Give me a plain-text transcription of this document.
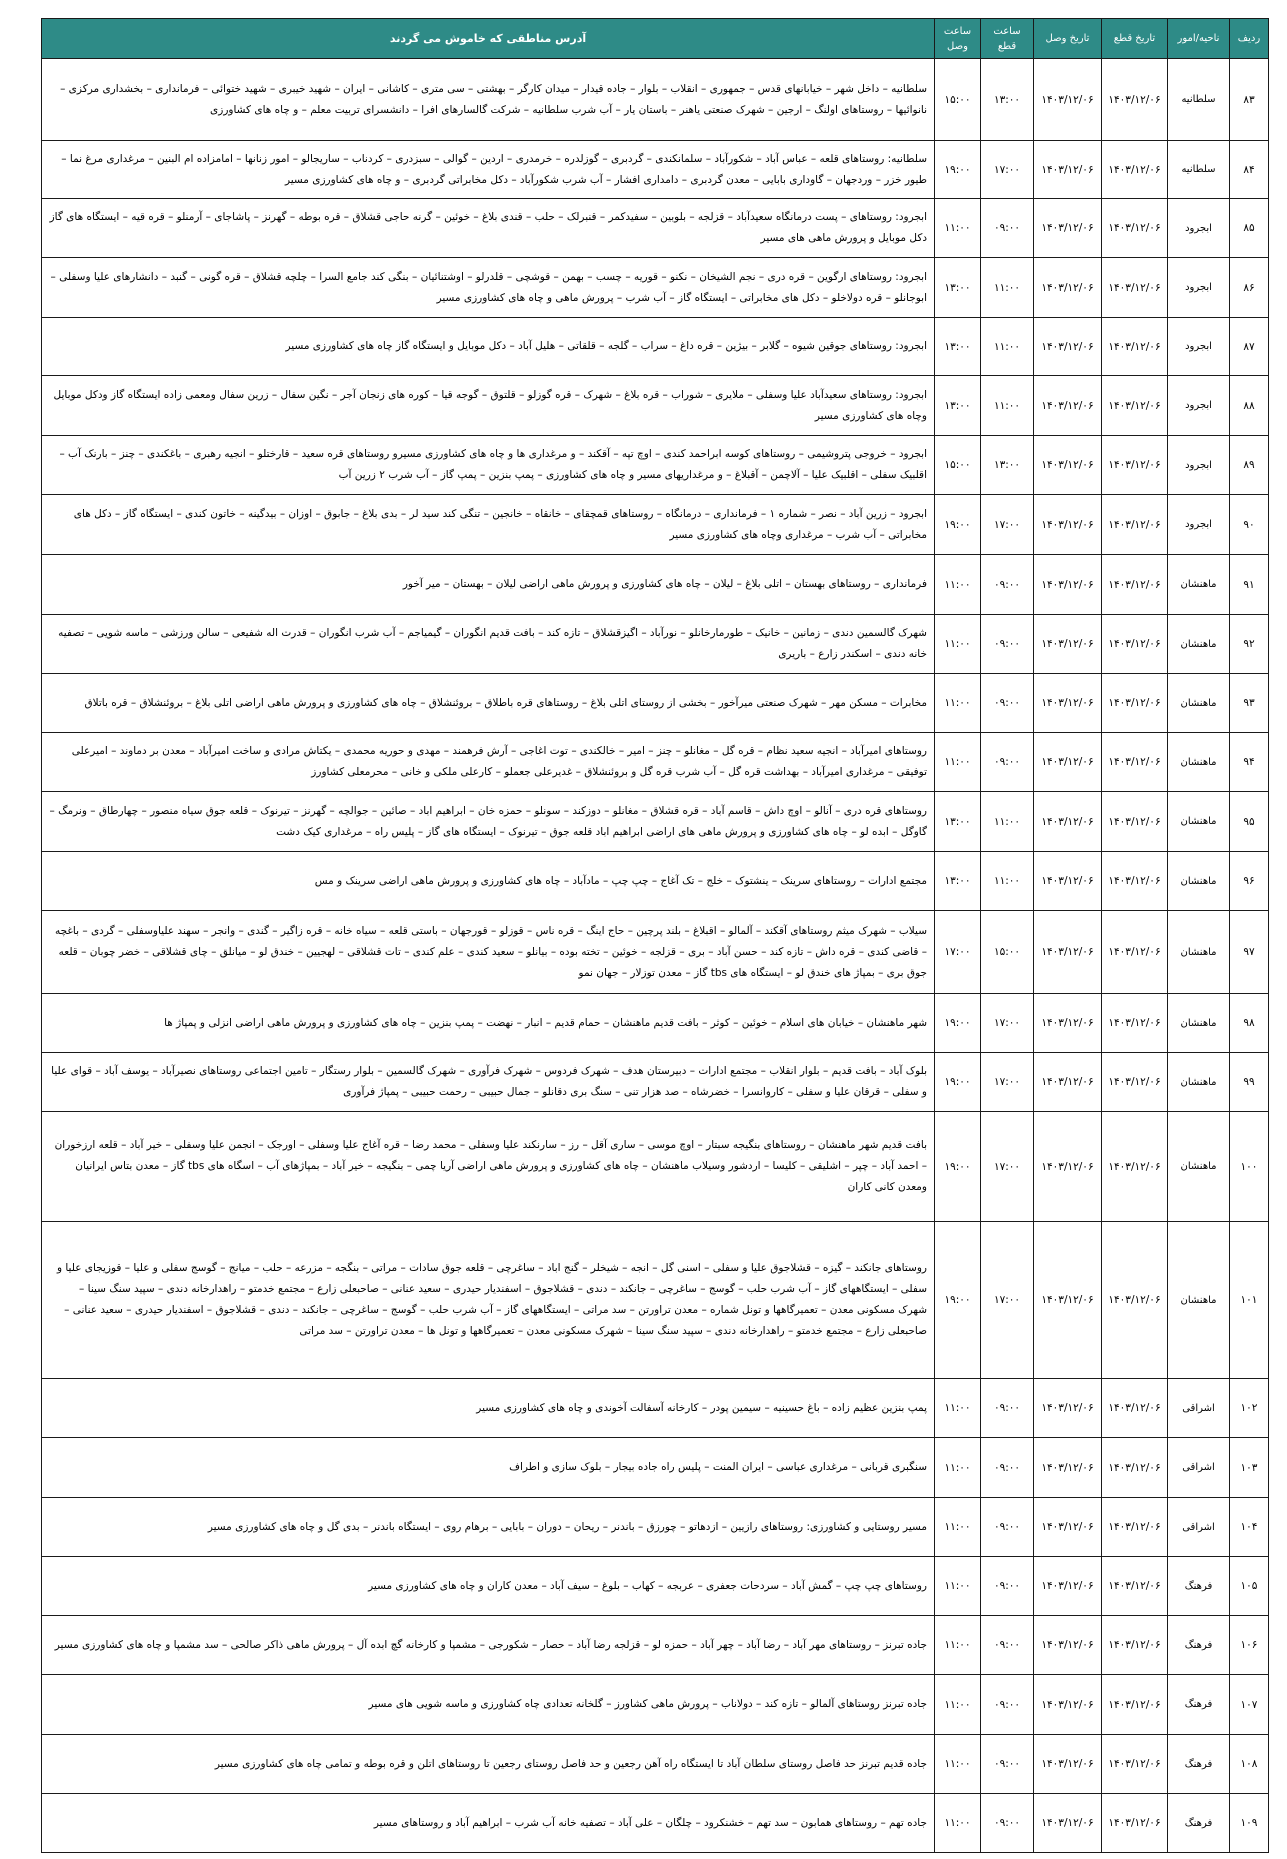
ردیف	ناحیه/امور	تاریخ قطع	تاریخ وصل	ساعت قطع	ساعت وصل	آدرس مناطقی که خاموش می گردند
۸۳	سلطانیه	۱۴۰۳/۱۲/۰۶	۱۴۰۳/۱۲/۰۶	۱۳:۰۰	۱۵:۰۰	سلطانیه – داخل شهر – خیابانهای قدس – جمهوری – انقلاب – بلوار – جاده قیدار – میدان کارگر – بهشتی – سی متری – کاشانی – ایران – شهید خیبری – شهید ختوائی – فرمانداری – بخشداری مرکزی – نانوائیها – روستاهای اولنگ – ارجین – شهرک صنعتی یاهنر – باستان یار – آب شرب سلطانیه – شرکت گالسارهای افرا – دانشسرای تربیت معلم – و چاه های کشاورزی
۸۴	سلطانیه	۱۴۰۳/۱۲/۰۶	۱۴۰۳/۱۲/۰۶	۱۷:۰۰	۱۹:۰۰	سلطانیه: روستاهای قلعه – عباس آباد – شکورآباد – سلمانکندی – گردبری – گوزلدره – خرمدری – اردین – گوالی – سبزدری – کردناب – ساریجالو – امور زنانها – امامزاده ام البنین – مرغداری مرغ نما – طیور خزر – وردجهان – گاوداری بابایی – معدن گردبری – دامداری افشار – آب شرب شکورآباد – دکل مخابراتی گردبری – و چاه های کشاورزی مسیر
۸۵	ابجرود	۱۴۰۳/۱۲/۰۶	۱۴۰۳/۱۲/۰۶	۰۹:۰۰	۱۱:۰۰	ابجرود: روستاهای – پست درمانگاه سعیدآباد – قزلجه – بلوبین – سفیدکمر – قنبرلک – حلب – قندی بلاغ – خوئین – گرنه حاجی قشلاق – قره بوطه – گهرنز – پاشاجای – آرمنلو – قره قیه – ایستگاه های گاز دکل موبایل و پرورش ماهی های مسیر
۸۶	ابجرود	۱۴۰۳/۱۲/۰۶	۱۴۰۳/۱۲/۰۶	۱۱:۰۰	۱۳:۰۰	ابجرود: روستاهای ارگوین – قره دری – نجم الشیخان – نکنو – قوریه – چسب – بهمن – قوشچی – قلدرلو – اوشتنائیان – بنگی کند جامع السرا – چلچه قشلاق – قره گونی – گنبد – دانشارهای علیا وسفلی – ابوجانلو – قره دولاخلو – دکل های مخابراتی – ایستگاه گاز – آب شرب – پرورش ماهی و چاه های کشاورزی مسیر
۸۷	ابجرود	۱۴۰۳/۱۲/۰۶	۱۴۰۳/۱۲/۰۶	۱۱:۰۰	۱۳:۰۰	ابجرود: روستاهای جوقین شیوه – گلابر – بیژین – قره داغ – سراب – گلجه – قلقاتی – هلیل آباد – دکل موبایل و ایستگاه گاز چاه های کشاورزی مسیر
۸۸	ابجرود	۱۴۰۳/۱۲/۰۶	۱۴۰۳/۱۲/۰۶	۱۱:۰۰	۱۳:۰۰	ابجرود: روستاهای سعیدآباد علیا وسفلی – ملایری – شوراب – قره بلاغ – شهرک – قره گوزلو – قلتوق – گوجه قیا – کوره های زنجان آجر – نگین سفال – زرین سفال ومعمی زاده ایستگاه گاز ودکل موبایل وچاه های کشاورزی مسیر
۸۹	ابجرود	۱۴۰۳/۱۲/۰۶	۱۴۰۳/۱۲/۰۶	۱۳:۰۰	۱۵:۰۰	ابجرود – خروجی پتروشیمی – روستاهای کوسه ابراحمد کندی – اوچ تپه – آقکند – و مرغداری ها و چاه های کشاورزی مسیرو روستاهای قره سعید – قارختلو – انجیه رهبری – باغکندی – چنز – بارنک آب – اقلبیک سفلی – اقلبیک علیا – آلاچمن – آقبلاغ – و مرغداریهای مسیر و چاه های کشاورزی – پمپ بنزین – پمپ گاز – آب شرب ۲ زرین آب
۹۰	ابجرود	۱۴۰۳/۱۲/۰۶	۱۴۰۳/۱۲/۰۶	۱۷:۰۰	۱۹:۰۰	ابجرود – زرین آباد – نصر – شماره ۱ – فرمانداری – درمانگاه – روستاهای قمچقای – خانقاه – خانجین – تنگی کند سید لر – بدی بلاغ – جابوق – اوزان – بیدگینه – خاتون کندی – ایستگاه گاز – دکل های مخابراتی – آب شرب – مرغداری وچاه های کشاورزی مسیر
۹۱	ماهنشان	۱۴۰۳/۱۲/۰۶	۱۴۰۳/۱۲/۰۶	۰۹:۰۰	۱۱:۰۰	فرمانداری – روستاهای بهستان – اتلی بلاغ – لیلان – چاه های کشاورزی و پرورش ماهی اراضی لیلان – بهستان – میر آخور
۹۲	ماهنشان	۱۴۰۳/۱۲/۰۶	۱۴۰۳/۱۲/۰۶	۰۹:۰۰	۱۱:۰۰	شهرک گالسمین دندی – زمانین – خانیک – طورمارخانلو – نورآباد – اگیزقشلاق – تازه کند – بافت قدیم انگوران – گیمیاجم – آب شرب انگوران – قدرت اله شفیعی – سالن ورزشی – ماسه شویی – تصفیه خانه دندی – اسکندر زارع – باریری
۹۳	ماهنشان	۱۴۰۳/۱۲/۰۶	۱۴۰۳/۱۲/۰۶	۰۹:۰۰	۱۱:۰۰	مخابرات – مسکن مهر – شهرک صنعتی میرآخور – بخشی از روستای اتلی بلاغ – روستاهای قره باطلاق – بروئنشلاق – چاه های کشاورزی و پرورش ماهی اراضی اتلی بلاغ – بروئنشلاق – قره باتلاق
۹۴	ماهنشان	۱۴۰۳/۱۲/۰۶	۱۴۰۳/۱۲/۰۶	۰۹:۰۰	۱۱:۰۰	روستاهای امیرآباد – انجیه سعید نظام – قره گل – مغانلو – چنز – امیر – خالکندی – توت اغاجی – آرش فرهمند – مهدی و حوریه محمدی – یکتاش مرادی و ساخت امیرآباد – معدن بر دماوند – امیرعلی توفیقی – مرغداری امیرآباد – بهداشت قره گل – آب شرب قره گل و بروئنشلاق – غدیرعلی جعملو – کارعلی ملکی و خانی – محرمعلی کشاورز
۹۵	ماهنشان	۱۴۰۳/۱۲/۰۶	۱۴۰۳/۱۲/۰۶	۱۱:۰۰	۱۳:۰۰	روستاهای قره دری – آنالو – اوچ داش – قاسم آباد – قره قشلاق – مغانلو – دوزکند – سونلو – حمزه خان – ابراهیم اباد – صائین – جوالچه – گهرنز – تیرنوک – قلعه جوق سیاه منصور – چهارطاق – ونرمگ – گاوگل – ابده لو – چاه های کشاورزی و پرورش ماهی های اراضی ابراهیم اباد قلعه جوق – تیرنوک – ایستگاه های گاز – پلیس راه – مرغداری کیک دشت
۹۶	ماهنشان	۱۴۰۳/۱۲/۰۶	۱۴۰۳/۱۲/۰۶	۱۱:۰۰	۱۳:۰۰	مجتمع ادارات – روستاهای سرینک – ینشتوک – خلج – تک آغاج – چپ چپ – مادآباد – چاه های کشاورزی و پرورش ماهی اراضی سرینک و مس
۹۷	ماهنشان	۱۴۰۳/۱۲/۰۶	۱۴۰۳/۱۲/۰۶	۱۵:۰۰	۱۷:۰۰	سیلاب – شهرک میثم روستاهای آقکند – آلمالو – اقبلاغ – بلند پرچین – حاج اینگ – قره ناس – قوزلو – قورجهان – باستی قلعه – سیاه خانه – قره زاگیر – گندی – وانجر – سهند علیاوسفلی – گردی – باغچه – قاضی کندی – قره داش – تازه کند – حسن آباد – بری – قزلجه – خوئین – تخته بوده – بیانلو – سعید کندی – علم کندی – تات قشلاقی – لهجیین – خندق لو – میانلق – چای قشلاقی – خضر چوبان – قلعه جوق بری – بمپاژ های خندق لو – ایستگاه های tbs گاز – معدن توزلار – جهان نمو
۹۸	ماهنشان	۱۴۰۳/۱۲/۰۶	۱۴۰۳/۱۲/۰۶	۱۷:۰۰	۱۹:۰۰	شهر ماهنشان – خیابان های اسلام – خوئین – کوثر – بافت قدیم ماهنشان – حمام قدیم – انبار – نهضت – پمپ بنزین – چاه های کشاورزی و پرورش ماهی اراضی انزلی و پمپاژ ها
۹۹	ماهنشان	۱۴۰۳/۱۲/۰۶	۱۴۰۳/۱۲/۰۶	۱۷:۰۰	۱۹:۰۰	بلوک آباد – بافت قدیم – بلوار انقلاب – مجتمع ادارات – دبیرستان هدف – شهرک فردوس – شهرک فرآوری – شهرک گالسمین – بلوار رستگار – تامین اجتماعی روستاهای نصیرآباد – یوسف آباد – قوای علیا و سفلی – قرقان علیا و سفلی – کاروانسرا – خضرشاه – صد هزار تنی – سنگ بری دقانلو – جمال حبیبی – رحمت حبیبی – پمپاژ فرآوری
۱۰۰	ماهنشان	۱۴۰۳/۱۲/۰۶	۱۴۰۳/۱۲/۰۶	۱۷:۰۰	۱۹:۰۰	بافت قدیم شهر ماهنشان – روستاهای بنگیجه سبتار – اوچ موسی – ساری آقل – رز – سارنکند علیا وسفلی – محمد رضا – قره آغاج علیا وسفلی – اورجک – انجمن علیا وسفلی – خیر آباد – قلعه ارزخوران – احمد آباد – چپر – اشلیقی – کلیسا – اردشور وسیلاب ماهنشان – چاه های کشاورزی و پرورش ماهی اراضی آریا چمی – بنگیجه – خیر آباد – بمپاژهای آب – اسگاه های tbs گاز – معدن بتاس ایرانیان ومعدن کانی کاران
۱۰۱	ماهنشان	۱۴۰۳/۱۲/۰۶	۱۴۰۳/۱۲/۰۶	۱۷:۰۰	۱۹:۰۰	روستاهای جانکند – گیزه – قشلاجوق علیا و سفلی – اسنی گل – انجه – شیخلر – گنج اباد – ساغرچی – قلعه جوق سادات – مراتی – بنگجه – مزرعه – حلب – میانج – گوسج سفلی و علیا – قوزیجای علیا و سفلی – ایستگاههای گاز – آب شرب حلب – گوسج – ساغرچی – جانکند – دندی – قشلاجوق – اسفندیار حیدری – سعید عنانی – صاحبعلی زارع – مجتمع خدمتو – راهدارخانه دندی – سپید سنگ سینا – شهرک مسکونی معدن – تعمیرگاهها و تونل شماره – معدن تراورتن – سد مراتی – ایستگاههای گاز – آب شرب حلب – گوسج – ساغرچی – جانکند – دندی – قشلاجوق – اسفندیار حیدری – سعید عنانی – صاحبعلی زارع – مجتمع خدمتو – راهدارخانه دندی – سپید سنگ سینا – شهرک مسکونی معدن – تعمیرگاهها و تونل ها – معدن تراورتن – سد مراتی
۱۰۲	اشراقی	۱۴۰۳/۱۲/۰۶	۱۴۰۳/۱۲/۰۶	۰۹:۰۰	۱۱:۰۰	پمپ بنزین عظیم زاده – باغ حسینیه – سیمین پودر – کارخانه آسفالت آخوندی و چاه های کشاورزی مسیر
۱۰۳	اشراقی	۱۴۰۳/۱۲/۰۶	۱۴۰۳/۱۲/۰۶	۰۹:۰۰	۱۱:۰۰	سنگبری قربانی – مرغداری عباسی – ایران المنت – پلیس راه جاده بیجار – بلوک سازی و اطراف
۱۰۴	اشراقی	۱۴۰۳/۱۲/۰۶	۱۴۰۳/۱۲/۰۶	۰۹:۰۰	۱۱:۰۰	مسیر روستایی و کشاورزی: روستاهای رازیین – ازدهاتو – چورزق – باندنر – ریحان – دوران – بابایی – برهام روی – ایستگاه باندنر – بدی گل و چاه های کشاورزی مسیر
۱۰۵	فرهنگ	۱۴۰۳/۱۲/۰۶	۱۴۰۳/۱۲/۰۶	۰۹:۰۰	۱۱:۰۰	روستاهای چپ چپ – گمش آباد – سردحات جعفری – عربجه – کهاب – بلوغ – سیف آباد – معدن کاران و چاه های کشاورزی مسیر
۱۰۶	فرهنگ	۱۴۰۳/۱۲/۰۶	۱۴۰۳/۱۲/۰۶	۰۹:۰۰	۱۱:۰۰	جاده تبرنز – روستاهای مهر آباد – رضا آباد – چهر آباد – حمزه لو – قزلجه رضا آباد – حصار – شکورجی – مشمپا و کارخانه گچ ابده آل – پرورش ماهی ذاکر صالحی – سد مشمپا و چاه های کشاورزی مسیر
۱۰۷	فرهنگ	۱۴۰۳/۱۲/۰۶	۱۴۰۳/۱۲/۰۶	۰۹:۰۰	۱۱:۰۰	جاده تبرنز روستاهای آلمالو – تازه کند – دولاناب – پرورش ماهی کشاورز – گلخانه تعدادی چاه کشاورزی و ماسه شویی های مسیر
۱۰۸	فرهنگ	۱۴۰۳/۱۲/۰۶	۱۴۰۳/۱۲/۰۶	۰۹:۰۰	۱۱:۰۰	جاده قدیم تبرنز حد فاصل روستای سلطان آباد تا ایستگاه راه آهن رجعین و حد فاصل روستای رجعین تا روستاهای اتلن و قره بوطه و تمامی چاه های کشاورزی مسیر
۱۰۹	فرهنگ	۱۴۰۳/۱۲/۰۶	۱۴۰۳/۱۲/۰۶	۰۹:۰۰	۱۱:۰۰	جاده تهم – روستاهای همابون – سد تهم – خشنکرود – چلگان – علی آباد – تصفیه خانه آب شرب – ابراهیم آباد و روستاهای مسیر
